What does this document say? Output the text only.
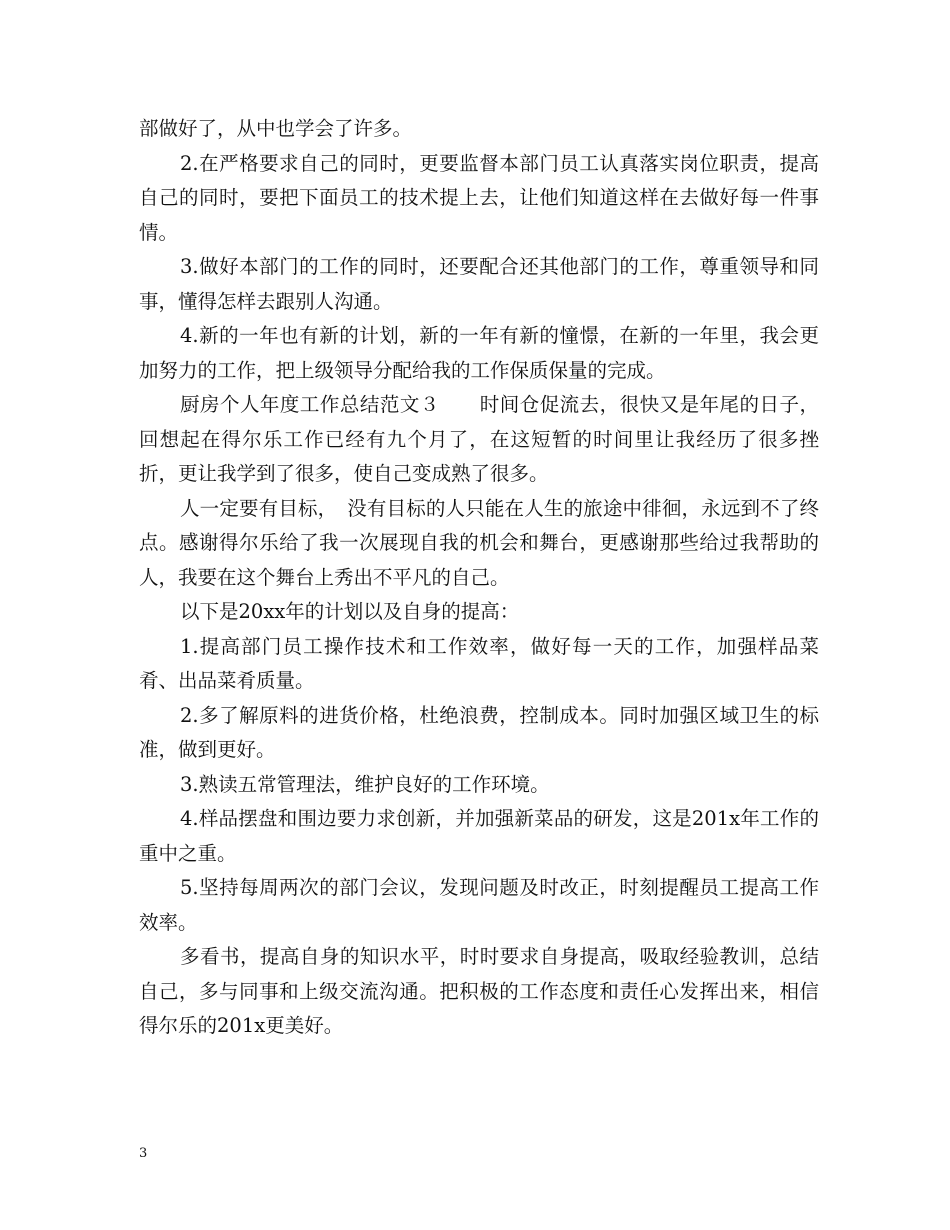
部做好了，从中也学会了许多。

2.在严格要求自己的同时，更要监督本部门员工认真落实岗位职责，提高自己的同时，要把下面员工的技术提上去，让他们知道这样在去做好每一件事情。

3.做好本部门的工作的同时，还要配合还其他部门的工作，尊重领导和同事，懂得怎样去跟别人沟通。

4.新的一年也有新的计划，新的一年有新的憧憬，在新的一年里，我会更加努力的工作，把上级领导分配给我的工作保质保量的完成。

厨房个人年度工作总结范文３　　时间仓促流去，很快又是年尾的日子，回想起在得尔乐工作已经有九个月了，在这短暂的时间里让我经历了很多挫折，更让我学到了很多，使自己变成熟了很多。

人一定要有目标，　没有目标的人只能在人生的旅途中徘徊，永远到不了终点。感谢得尔乐给了我一次展现自我的机会和舞台，更感谢那些给过我帮助的人，我要在这个舞台上秀出不平凡的自己。

以下是20xx年的计划以及自身的提高：

1.提高部门员工操作技术和工作效率，做好每一天的工作，加强样品菜肴、出品菜肴质量。

2.多了解原料的进货价格，杜绝浪费，控制成本。同时加强区域卫生的标准，做到更好。

3.熟读五常管理法，维护良好的工作环境。

4.样品摆盘和围边要力求创新，并加强新菜品的研发，这是201x年工作的重中之重。

5.坚持每周两次的部门会议，发现问题及时改正，时刻提醒员工提高工作效率。

多看书，提高自身的知识水平，时时要求自身提高，吸取经验教训，总结自己，多与同事和上级交流沟通。把积极的工作态度和责任心发挥出来，相信得尔乐的201x更美好。

3
